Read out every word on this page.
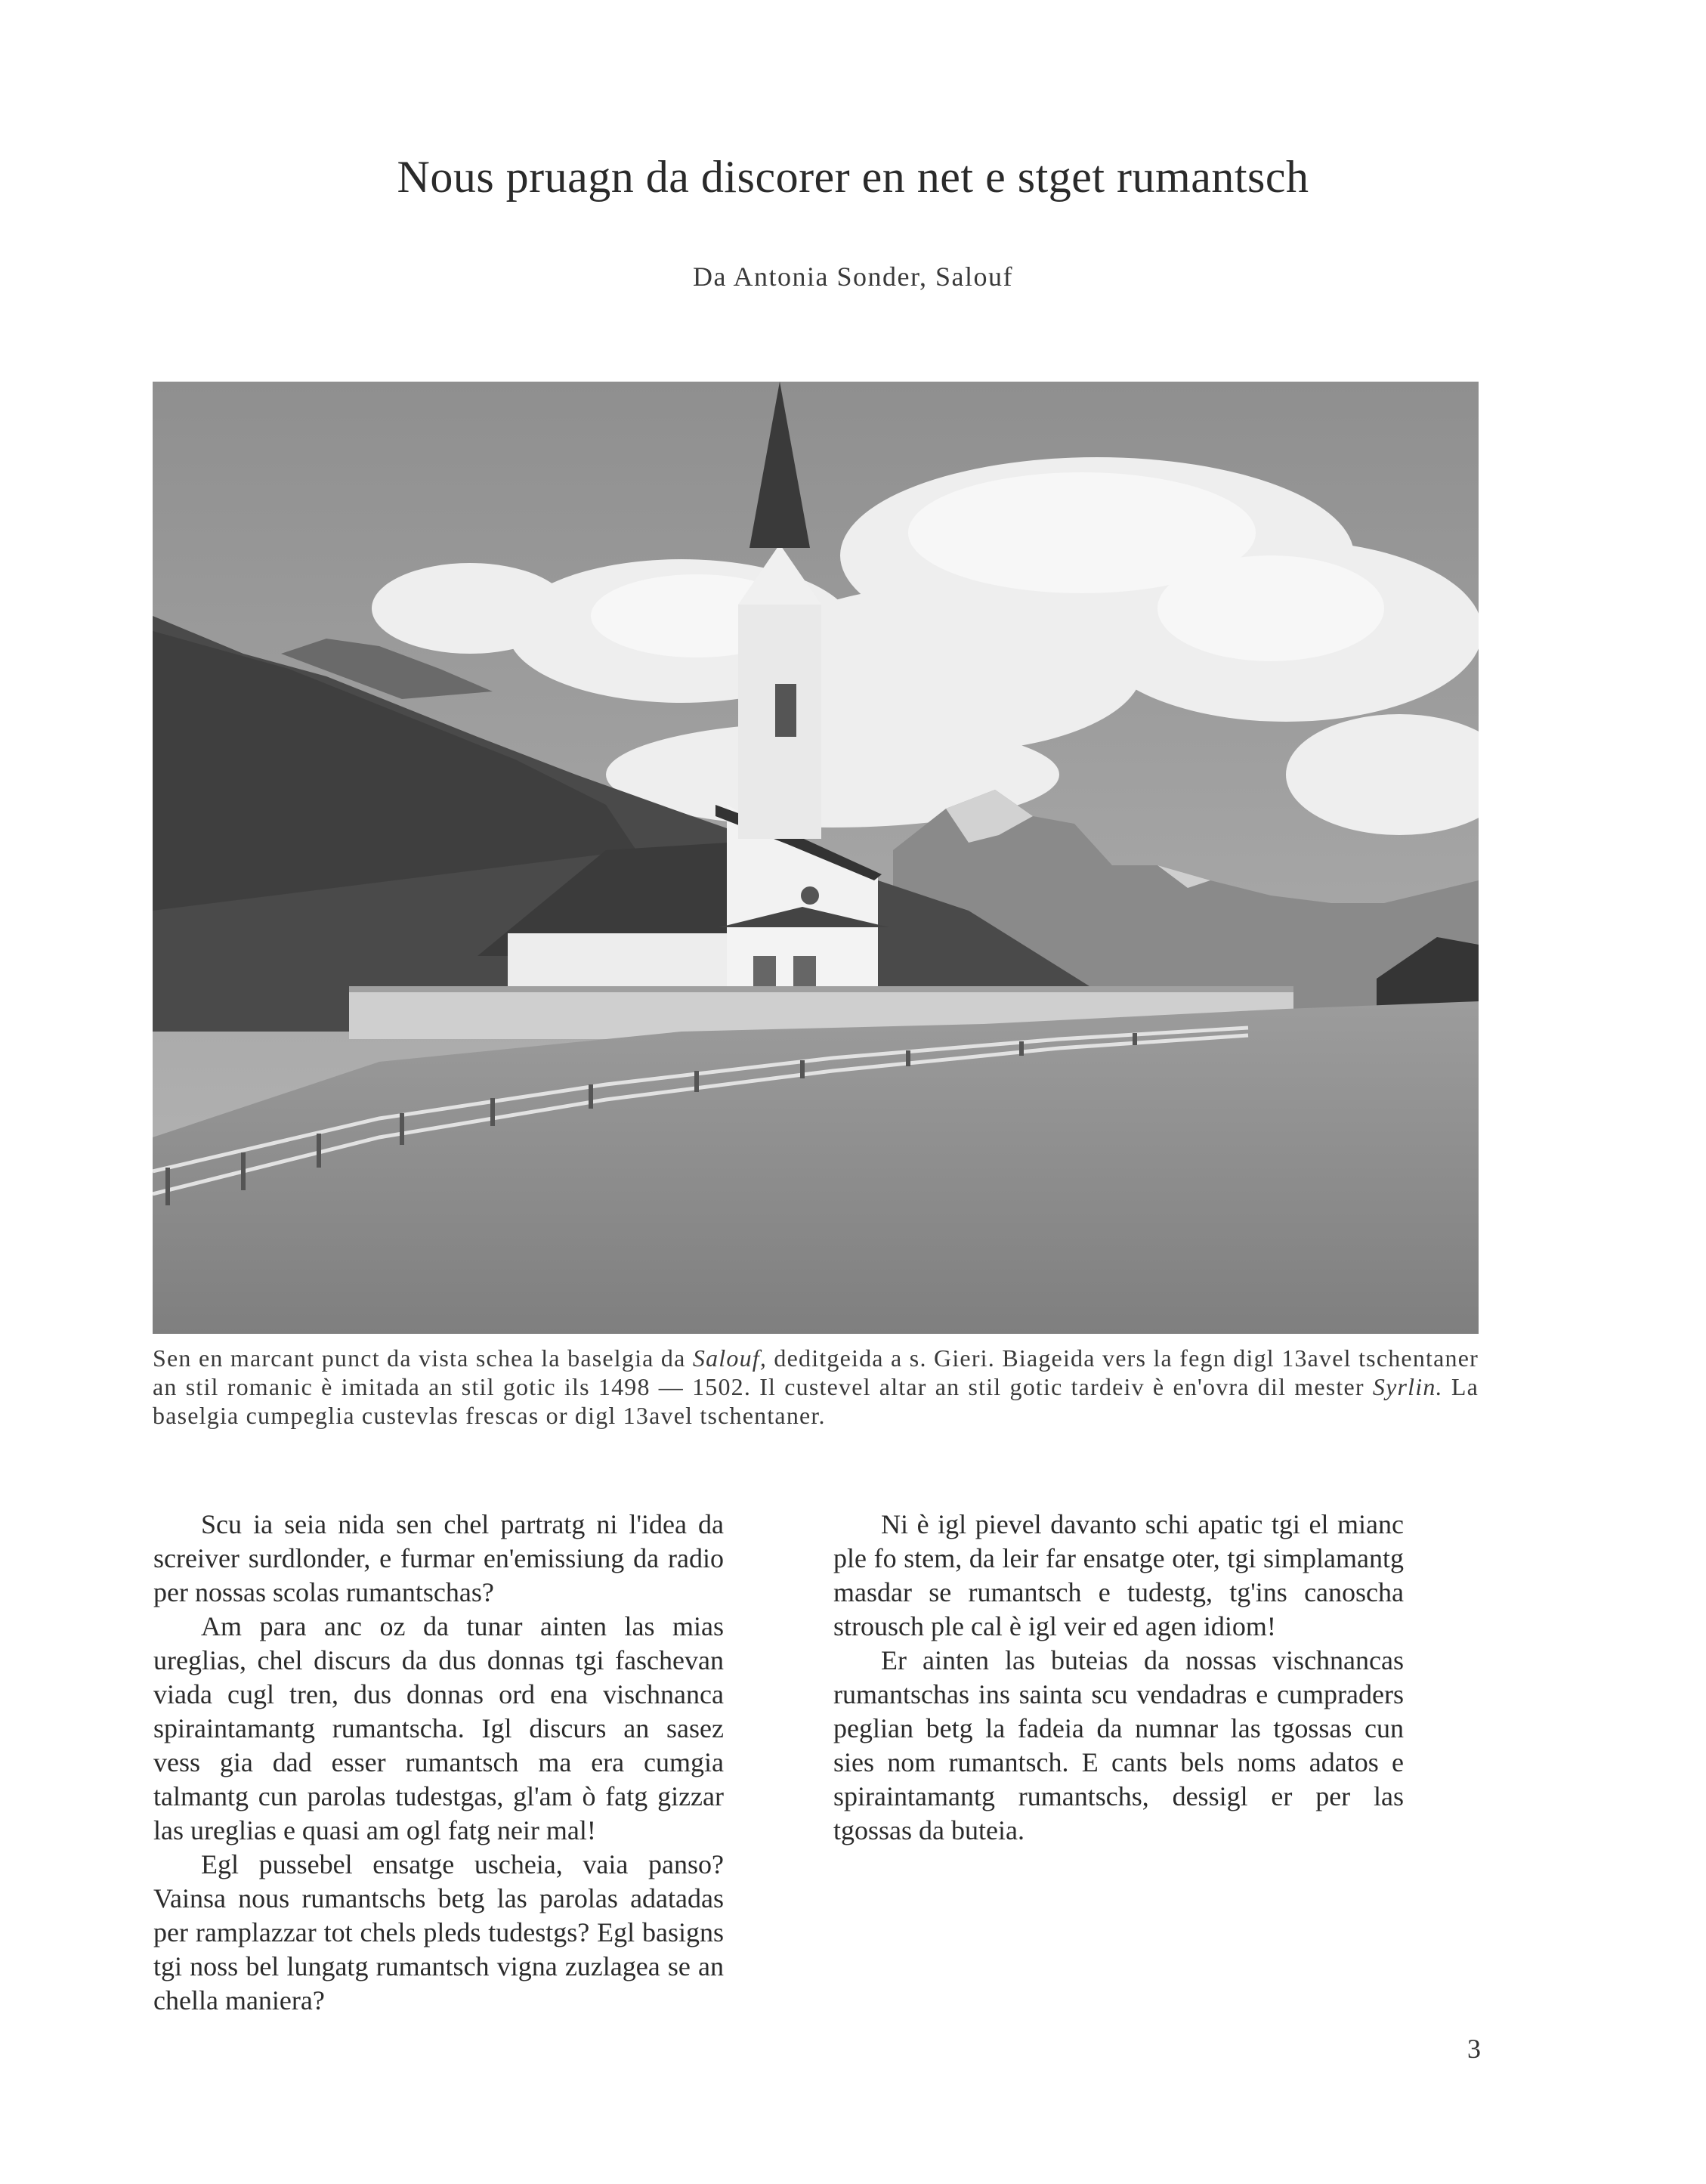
Nous pruagn da discorer en net e stget rumantsch
Da Antonia Sonder, Salouf

Sen en marcant punct da vista schea la baselgia da Salouf, deditgeida a s. Gieri. Biageida vers la fegn digl 13avel tschentaner an stil romanic è imitada an stil gotic ils 1498 — 1502. Il custevel altar an stil gotic tardeiv è en'ovra dil mester Syrlin. La baselgia cumpeglia custevlas frescas or digl 13avel tschentaner.

Scu ia seia nida sen chel partratg ni l'idea da screiver surdlonder, e furmar en'emissiung da radio per nossas scolas rumantschas?

Am para anc oz da tunar ainten las mias ureglias, chel discurs da dus donnas tgi faschevan viada cugl tren, dus donnas ord ena vischnanca spiraintamantg rumantscha. Igl discurs an sasez vess gia dad esser rumantsch ma era cumgia talmantg cun parolas tudestgas, gl'am ò fatg gizzar las ureglias e quasi am ogl fatg neir mal!

Egl pussebel ensatge uscheia, vaia panso? Vainsa nous rumantschs betg las parolas adatadas per ramplazzar tot chels pleds tudestgs? Egl basigns tgi noss bel lungatg rumantsch vigna zuzlagea se an chella maniera?

Ni è igl pievel davanto schi apatic tgi el mianc ple fo stem, da leir far ensatge oter, tgi simplamantg masdar se rumantsch e tudestg, tg'ins canoscha strousch ple cal è igl veir ed agen idiom!

Er ainten las buteias da nossas vischnancas rumantschas ins sainta scu vendadras e cumpraders peglian betg la fadeia da numnar las tgossas cun sies nom rumantsch. E cants bels noms adatos e spiraintamantg rumantschs, dessigl er per las tgossas da buteia.

3
